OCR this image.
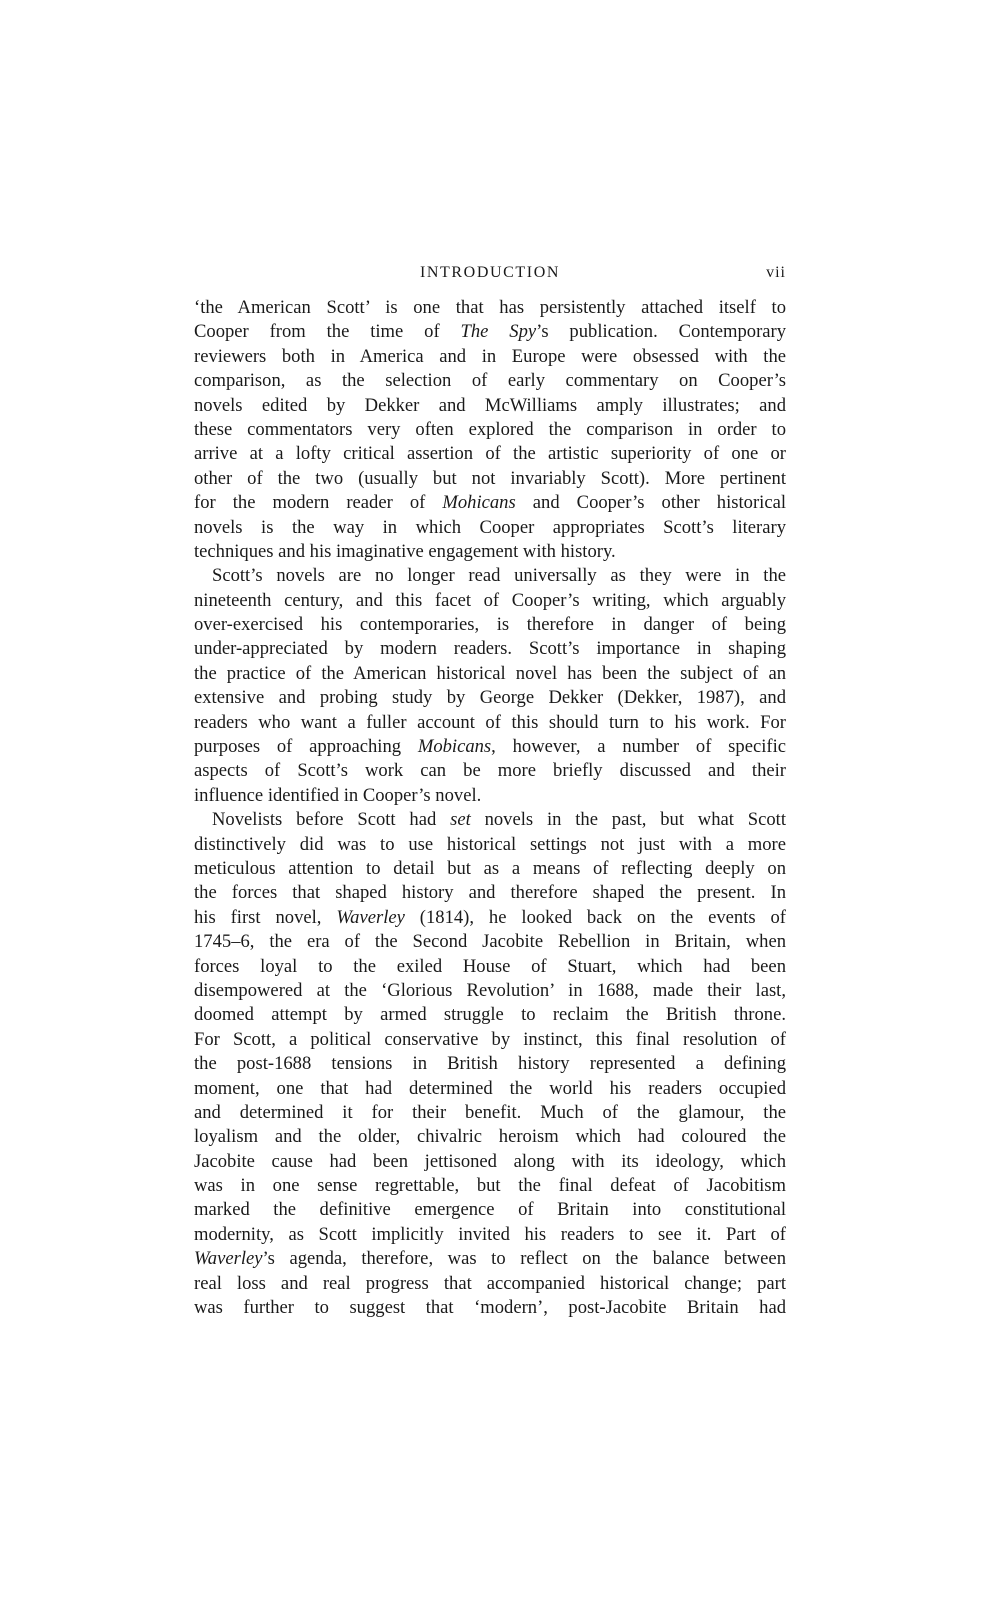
INTRODUCTION	vii
‘the American Scott’ is one that has persistently attached itself to
Cooper from the time of The Spy’s publication. Contemporary
reviewers both in America and in Europe were obsessed with the
comparison, as the selection of early commentary on Cooper’s
novels edited by Dekker and McWilliams amply illustrates; and
these commentators very often explored the comparison in order to
arrive at a lofty critical assertion of the artistic superiority of one or
other of the two (usually but not invariably Scott). More pertinent
for the modern reader of Mohicans and Cooper’s other historical
novels is the way in which Cooper appropriates Scott’s literary
techniques and his imaginative engagement with history.
Scott’s novels are no longer read universally as they were in the
nineteenth century, and this facet of Cooper’s writing, which arguably
over-exercised his contemporaries, is therefore in danger of being
under-appreciated by modern readers. Scott’s importance in shaping
the practice of the American historical novel has been the subject of an
extensive and probing study by George Dekker (Dekker, 1987), and
readers who want a fuller account of this should turn to his work. For
purposes of approaching Mobicans, however, a number of specific
aspects of Scott’s work can be more briefly discussed and their
influence identified in Cooper’s novel.
Novelists before Scott had set novels in the past, but what Scott
distinctively did was to use historical settings not just with a more
meticulous attention to detail but as a means of reflecting deeply on
the forces that shaped history and therefore shaped the present. In
his first novel, Waverley (1814), he looked back on the events of
1745–6, the era of the Second Jacobite Rebellion in Britain, when
forces loyal to the exiled House of Stuart, which had been
disempowered at the ‘Glorious Revolution’ in 1688, made their last,
doomed attempt by armed struggle to reclaim the British throne.
For Scott, a political conservative by instinct, this final resolution of
the post-1688 tensions in British history represented a defining
moment, one that had determined the world his readers occupied
and determined it for their benefit. Much of the glamour, the
loyalism and the older, chivalric heroism which had coloured the
Jacobite cause had been jettisoned along with its ideology, which
was in one sense regrettable, but the final defeat of Jacobitism
marked the definitive emergence of Britain into constitutional
modernity, as Scott implicitly invited his readers to see it. Part of
Waverley’s agenda, therefore, was to reflect on the balance between
real loss and real progress that accompanied historical change; part
was further to suggest that ‘modern’, post-Jacobite Britain had
